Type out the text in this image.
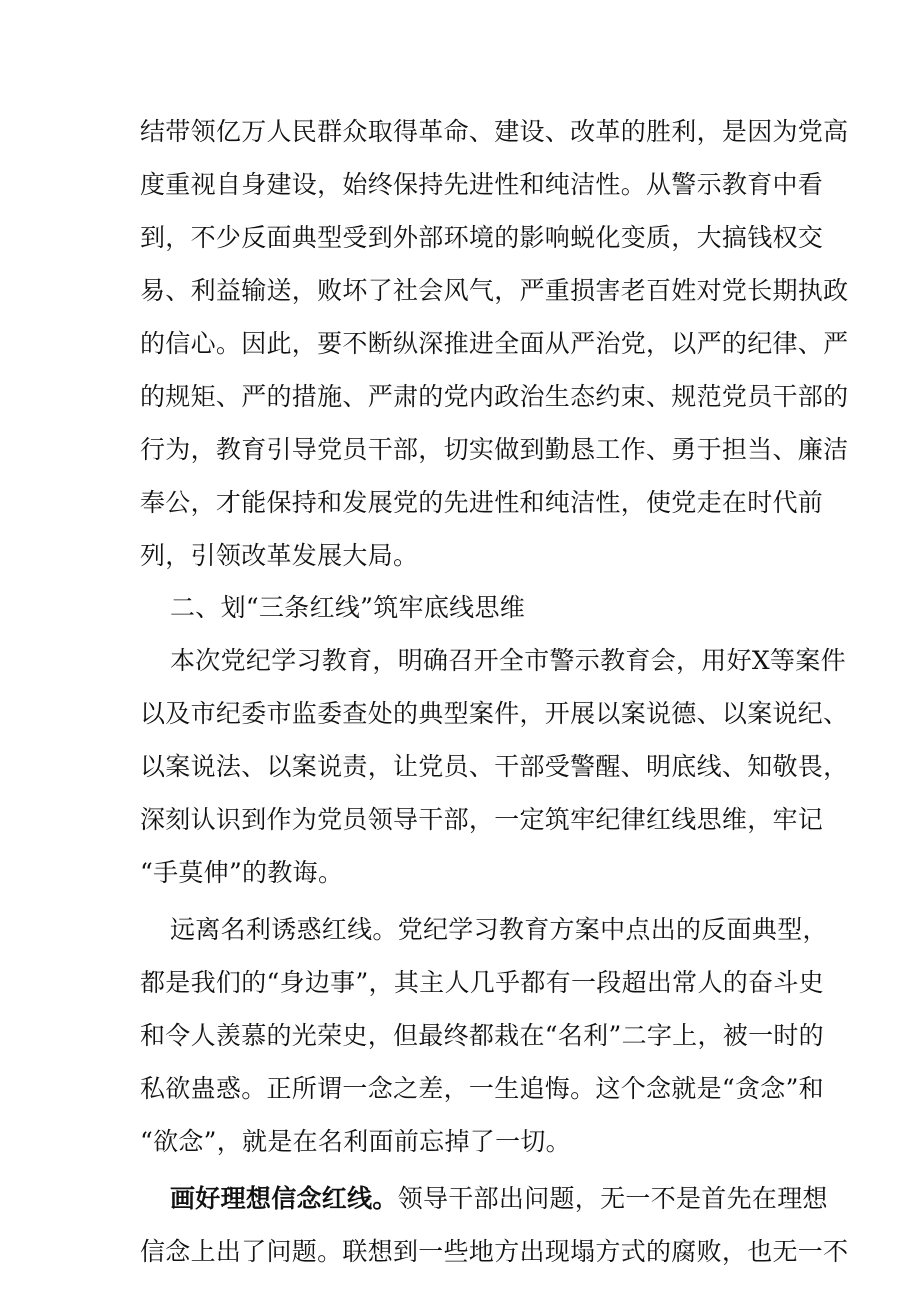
结带领亿万人民群众取得革命、建设、改革的胜利，是因为党高
度重视自身建设，始终保持先进性和纯洁性。从警示教育中看
到，不少反面典型受到外部环境的影响蜕化变质，大搞钱权交
易、利益输送，败坏了社会风气，严重损害老百姓对党长期执政
的信心。因此，要不断纵深推进全面从严治党，以严的纪律、严
的规矩、严的措施、严肃的党内政治生态约束、规范党员干部的
行为，教育引导党员干部，切实做到勤恳工作、勇于担当、廉洁
奉公，才能保持和发展党的先进性和纯洁性，使党走在时代前
列，引领改革发展大局。
二、划“三条红线”筑牢底线思维
本次党纪学习教育，明确召开全市警示教育会，用好X等案件
以及市纪委市监委查处的典型案件，开展以案说德、以案说纪、
以案说法、以案说责，让党员、干部受警醒、明底线、知敬畏，
深刻认识到作为党员领导干部，一定筑牢纪律红线思维，牢记
“手莫伸”的教诲。
远离名利诱惑红线。党纪学习教育方案中点出的反面典型，
都是我们的“身边事”，其主人几乎都有一段超出常人的奋斗史
和令人羡慕的光荣史，但最终都栽在“名利”二字上，被一时的
私欲蛊惑。正所谓一念之差，一生追悔。这个念就是“贪念”和
“欲念”，就是在名利面前忘掉了一切。
画好理想信念红线。领导干部出问题，无一不是首先在理想
信念上出了问题。联想到一些地方出现塌方式的腐败，也无一不
